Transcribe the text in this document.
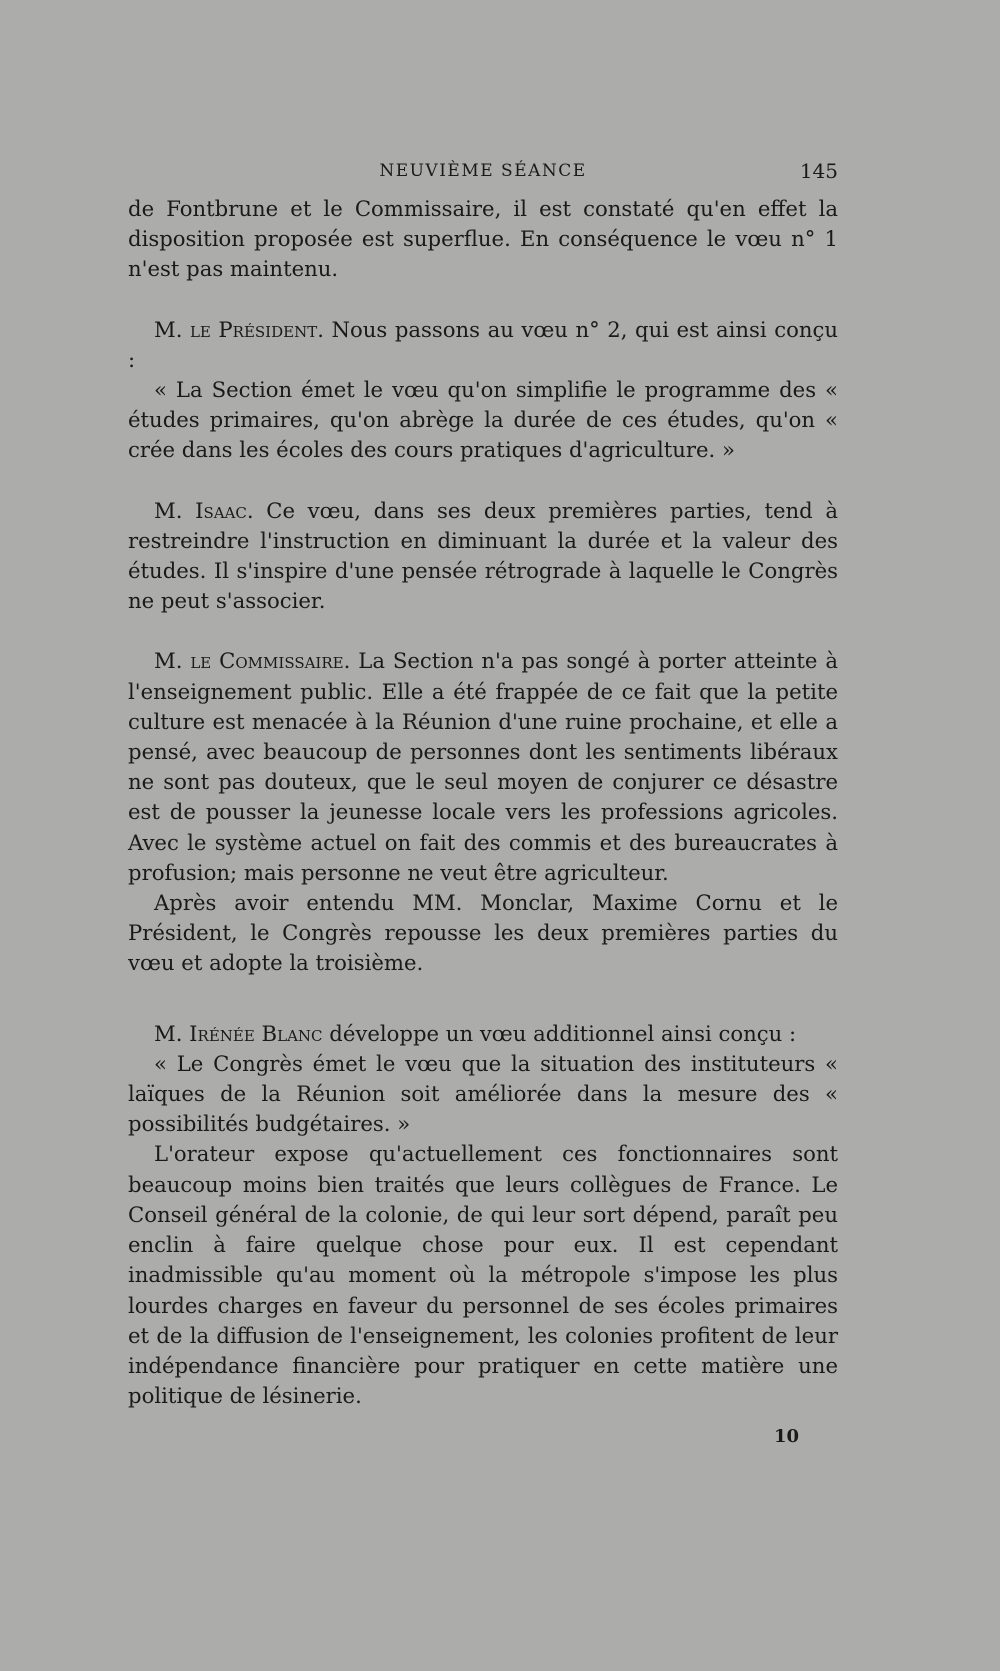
NEUVIÈME SÉANCE	145

de Fontbrune et le Commissaire, il est constaté qu'en effet la disposition proposée est superflue. En conséquence le vœu n° 1 n'est pas maintenu.

M. le Président. Nous passons au vœu n° 2, qui est ainsi conçu :

« La Section émet le vœu qu'on simplifie le programme des « études primaires, qu'on abrège la durée de ces études, qu'on « crée dans les écoles des cours pratiques d'agriculture. »

M. Isaac. Ce vœu, dans ses deux premières parties, tend à restreindre l'instruction en diminuant la durée et la valeur des études. Il s'inspire d'une pensée rétrograde à laquelle le Congrès ne peut s'associer.

M. le Commissaire. La Section n'a pas songé à porter atteinte à l'enseignement public. Elle a été frappée de ce fait que la petite culture est menacée à la Réunion d'une ruine prochaine, et elle a pensé, avec beaucoup de personnes dont les sentiments libéraux ne sont pas douteux, que le seul moyen de conjurer ce désastre est de pousser la jeunesse locale vers les professions agricoles. Avec le système actuel on fait des commis et des bureaucrates à profusion; mais personne ne veut être agriculteur.

Après avoir entendu MM. Monclar, Maxime Cornu et le Président, le Congrès repousse les deux premières parties du vœu et adopte la troisième.

M. Irénée Blanc développe un vœu additionnel ainsi conçu :

« Le Congrès émet le vœu que la situation des instituteurs « laïques de la Réunion soit améliorée dans la mesure des « possibilités budgétaires. »

L'orateur expose qu'actuellement ces fonctionnaires sont beaucoup moins bien traités que leurs collègues de France. Le Conseil général de la colonie, de qui leur sort dépend, paraît peu enclin à faire quelque chose pour eux. Il est cependant inadmissible qu'au moment où la métropole s'impose les plus lourdes charges en faveur du personnel de ses écoles primaires et de la diffusion de l'enseignement, les colonies profitent de leur indépendance financière pour pratiquer en cette matière une politique de lésinerie.

10
